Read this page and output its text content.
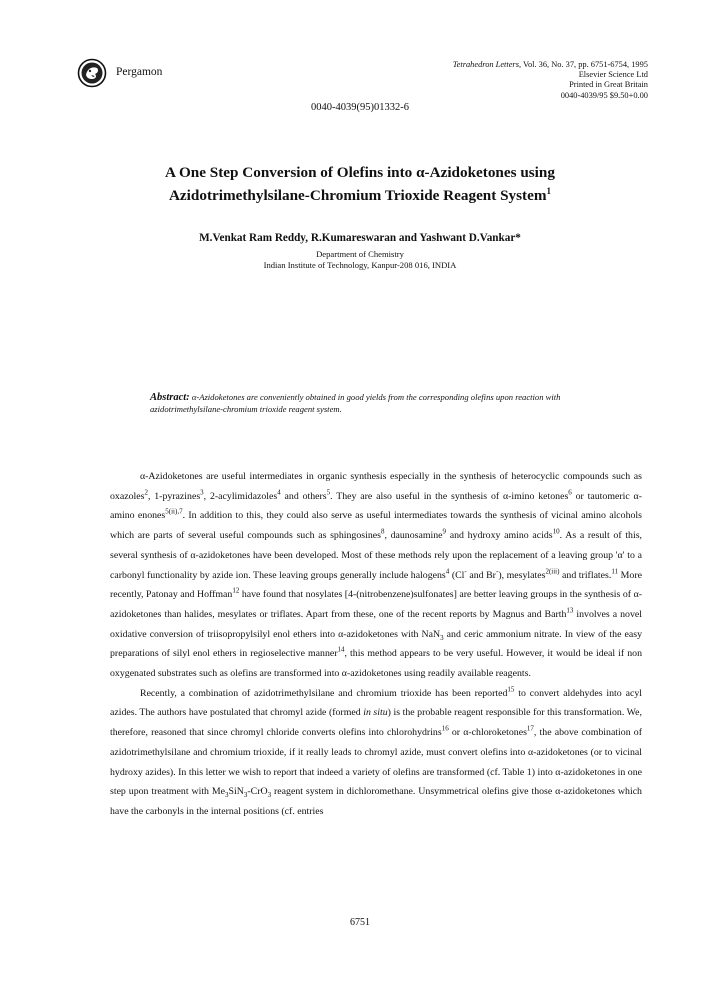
Pergamon
Tetrahedron Letters, Vol. 36, No. 37, pp. 6751-6754, 1995
Elsevier Science Ltd
Printed in Great Britain
0040-4039/95 $9.50+0.00
0040-4039(95)01332-6
A One Step Conversion of Olefins into α-Azidoketones using
Azidotrimethylsilane-Chromium Trioxide Reagent System$^1$
M.Venkat Ram Reddy, R.Kumareswaran and Yashwant D.Vankar*
Department of Chemistry
Indian Institute of Technology, Kanpur-208 016, INDIA
Abstract: α-Azidoketones are conveniently obtained in good yields from the corresponding olefins upon reaction with azidotrimethylsilane-chromium trioxide reagent system.

α-Azidoketones are useful intermediates in organic synthesis especially in the synthesis of heterocyclic compounds such as oxazoles$^2$, 1-pyrazines$^3$, 2-acylimidazoles$^4$ and others$^5$. They are also useful in the synthesis of α-imino ketones$^6$ or tautomeric α-amino enones$^{5(ii),7}$. In addition to this, they could also serve as useful intermediates towards the synthesis of vicinal amino alcohols which are parts of several useful compounds such as sphingosines$^8$, daunosamine$^9$ and hydroxy amino acids$^{10}$. As a result of this, several synthesis of α-azidoketones have been developed. Most of these methods rely upon the replacement of a leaving group 'α' to a carbonyl functionality by azide ion. These leaving groups generally include halogens$^4$ (Cl- and Br-), mesylates$^{2(iii)}$ and triflates.$^{11}$ More recently, Patonay and Hoffman$^{12}$ have found that nosylates [4-(nitrobenzene)sulfonates] are better leaving groups in the synthesis of α-azidoketones than halides, mesylates or triflates. Apart from these, one of the recent reports by Magnus and Barth$^{13}$ involves a novel oxidative conversion of triisopropylsilyl enol ethers into α-azidoketones with NaN$_3$ and ceric ammonium nitrate. In view of the easy preparations of silyl enol ethers in regioselective manner$^{14}$, this method appears to be very useful. However, it would be ideal if non oxygenated substrates such as olefins are transformed into α-azidoketones using readily available reagents.

Recently, a combination of azidotrimethylsilane and chromium trioxide has been reported$^{15}$ to convert aldehydes into acyl azides. The authors have postulated that chromyl azide (formed in situ) is the probable reagent responsible for this transformation. We, therefore, reasoned that since chromyl chloride converts olefins into chlorohydrins$^{16}$ or α-chloroketones$^{17}$, the above combination of azidotrimethylsilane and chromium trioxide, if it really leads to chromyl azide, must convert olefins into α-azidoketones (or to vicinal hydroxy azides). In this letter we wish to report that indeed a variety of olefins are transformed (cf. Table 1) into α-azidoketones in one step upon treatment with $Me_3SiN_3-CrO_3$ reagent system in dichloromethane. Unsymmetrical olefins give those α-azidoketones which have the carbonyls in the internal positions (cf. entries

6751
